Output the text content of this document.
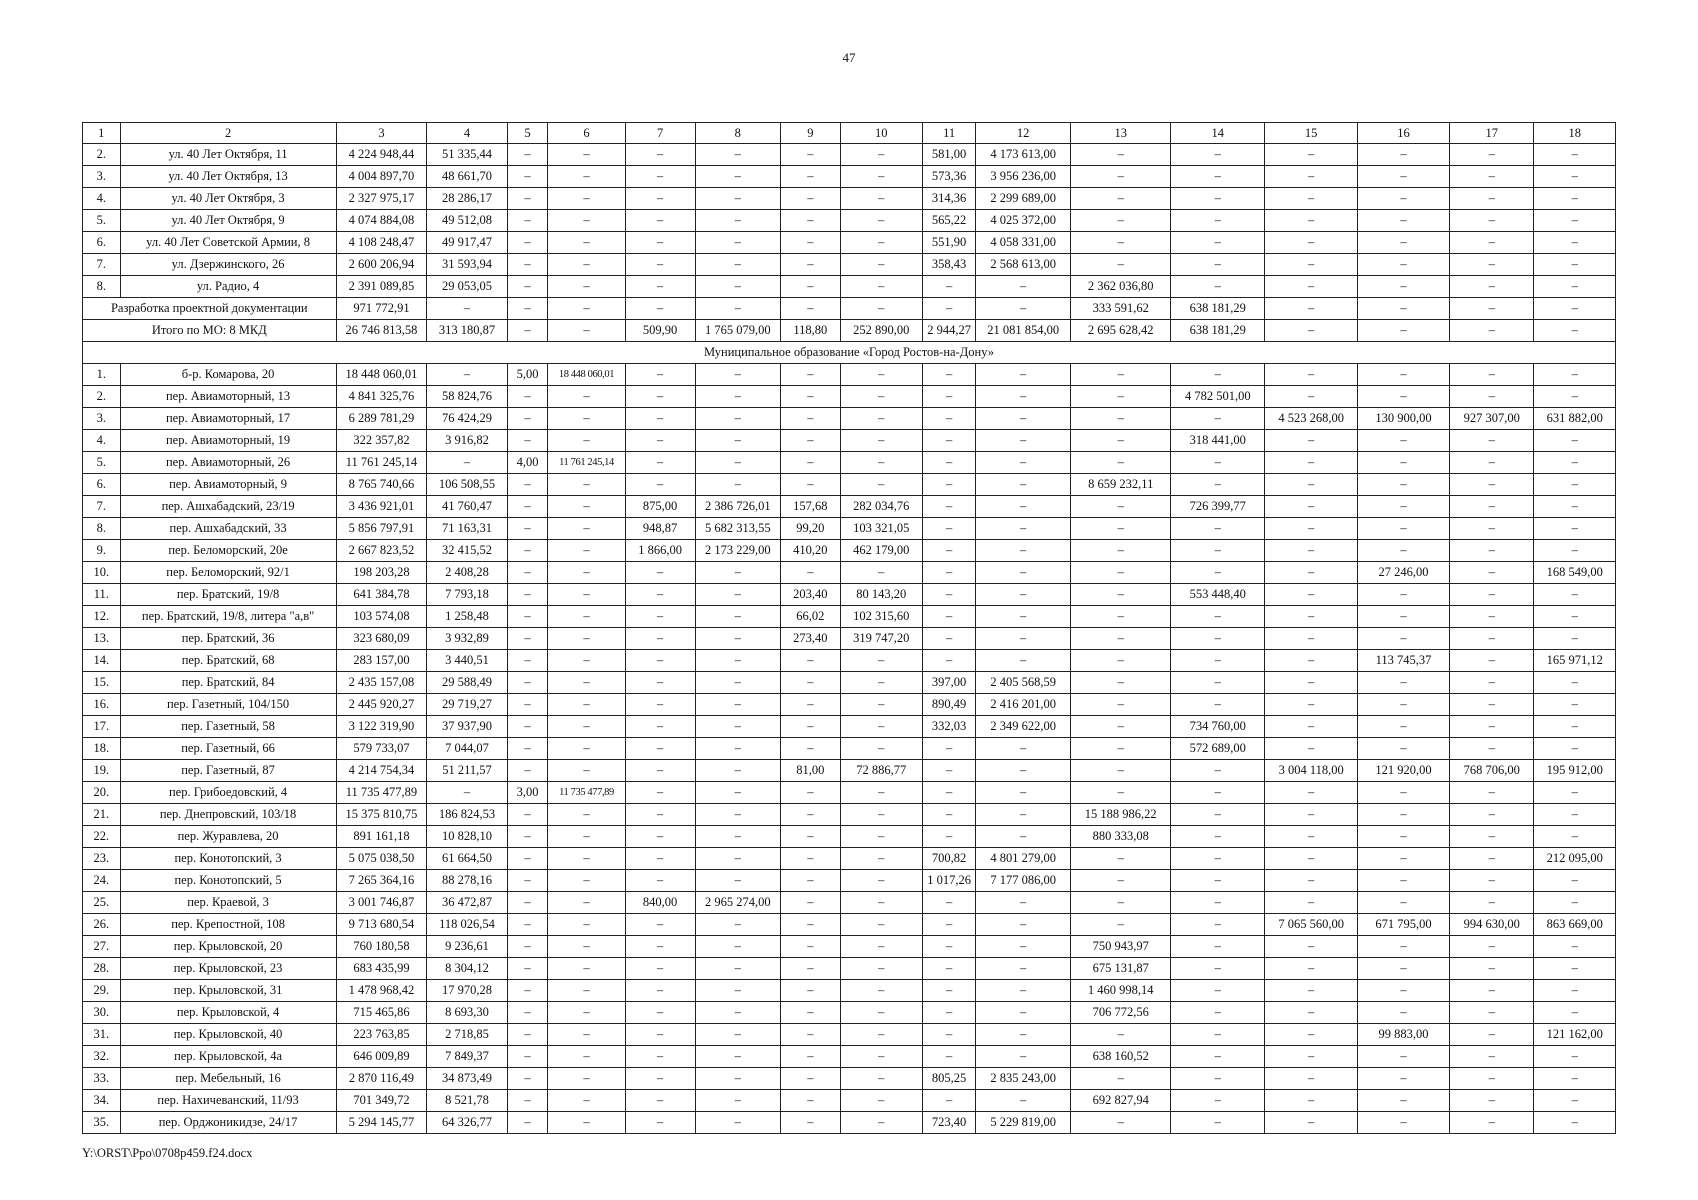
47
1	2	3	4	5	6	7	8	9	10	11	12	13	14	15	16	17	18
2.	ул. 40 Лет Октября, 11	4 224 948,44	51 335,44	–	–	–	–	–	–	581,00	4 173 613,00	–	–	–	–	–	–
3.	ул. 40 Лет Октября, 13	4 004 897,70	48 661,70	–	–	–	–	–	–	573,36	3 956 236,00	–	–	–	–	–	–
4.	ул. 40 Лет Октября, 3	2 327 975,17	28 286,17	–	–	–	–	–	–	314,36	2 299 689,00	–	–	–	–	–	–
5.	ул. 40 Лет Октября, 9	4 074 884,08	49 512,08	–	–	–	–	–	–	565,22	4 025 372,00	–	–	–	–	–	–
6.	ул. 40 Лет Советской Армии, 8	4 108 248,47	49 917,47	–	–	–	–	–	–	551,90	4 058 331,00	–	–	–	–	–	–
7.	ул. Дзержинского, 26	2 600 206,94	31 593,94	–	–	–	–	–	–	358,43	2 568 613,00	–	–	–	–	–	–
8.	ул. Радио, 4	2 391 089,85	29 053,05	–	–	–	–	–	–	–	–	2 362 036,80	–	–	–	–	–
Разработка проектной документации		971 772,91	–	–	–	–	–	–	–	–	–	333 591,62	638 181,29	–	–	–	–
Итого по МО: 8 МКД		26 746 813,58	313 180,87	–	–	509,90	1 765 079,00	118,80	252 890,00	2 944,27	21 081 854,00	2 695 628,42	638 181,29	–	–	–	–
Муниципальное образование «Город Ростов-на-Дону»																	
1.	б-р. Комарова, 20	18 448 060,01	–	5,00	18 448 060,01	–	–	–	–	–	–	–	–	–	–	–	–
2.	пер. Авиамоторный, 13	4 841 325,76	58 824,76	–	–	–	–	–	–	–	–	–	4 782 501,00	–	–	–	–
3.	пер. Авиамоторный, 17	6 289 781,29	76 424,29	–	–	–	–	–	–	–	–	–	–	4 523 268,00	130 900,00	927 307,00	631 882,00
4.	пер. Авиамоторный, 19	322 357,82	3 916,82	–	–	–	–	–	–	–	–	–	318 441,00	–	–	–	–
5.	пер. Авиамоторный, 26	11 761 245,14	–	4,00	11 761 245,14	–	–	–	–	–	–	–	–	–	–	–	–
6.	пер. Авиамоторный, 9	8 765 740,66	106 508,55	–	–	–	–	–	–	–	–	8 659 232,11	–	–	–	–	–
7.	пер. Ашхабадский, 23/19	3 436 921,01	41 760,47	–	–	875,00	2 386 726,01	157,68	282 034,76	–	–	–	726 399,77	–	–	–	–
8.	пер. Ашхабадский, 33	5 856 797,91	71 163,31	–	–	948,87	5 682 313,55	99,20	103 321,05	–	–	–	–	–	–	–	–
9.	пер. Беломорский, 20е	2 667 823,52	32 415,52	–	–	1 866,00	2 173 229,00	410,20	462 179,00	–	–	–	–	–	–	–	–
10.	пер. Беломорский, 92/1	198 203,28	2 408,28	–	–	–	–	–	–	–	–	–	–	–	27 246,00	–	168 549,00
11.	пер. Братский, 19/8	641 384,78	7 793,18	–	–	–	–	203,40	80 143,20	–	–	–	553 448,40	–	–	–	–
12.	пер. Братский, 19/8, литера "а,в"	103 574,08	1 258,48	–	–	–	–	66,02	102 315,60	–	–	–	–	–	–	–	–
13.	пер. Братский, 36	323 680,09	3 932,89	–	–	–	–	273,40	319 747,20	–	–	–	–	–	–	–	–
14.	пер. Братский, 68	283 157,00	3 440,51	–	–	–	–	–	–	–	–	–	–	–	113 745,37	–	165 971,12
15.	пер. Братский, 84	2 435 157,08	29 588,49	–	–	–	–	–	–	397,00	2 405 568,59	–	–	–	–	–	–
16.	пер. Газетный, 104/150	2 445 920,27	29 719,27	–	–	–	–	–	–	890,49	2 416 201,00	–	–	–	–	–	–
17.	пер. Газетный, 58	3 122 319,90	37 937,90	–	–	–	–	–	–	332,03	2 349 622,00	–	734 760,00	–	–	–	–
18.	пер. Газетный, 66	579 733,07	7 044,07	–	–	–	–	–	–	–	–	–	572 689,00	–	–	–	–
19.	пер. Газетный, 87	4 214 754,34	51 211,57	–	–	–	–	81,00	72 886,77	–	–	–	–	3 004 118,00	121 920,00	768 706,00	195 912,00
20.	пер. Грибоедовский, 4	11 735 477,89	–	3,00	11 735 477,89	–	–	–	–	–	–	–	–	–	–	–	–
21.	пер. Днепровский, 103/18	15 375 810,75	186 824,53	–	–	–	–	–	–	–	–	15 188 986,22	–	–	–	–	–
22.	пер. Журавлева, 20	891 161,18	10 828,10	–	–	–	–	–	–	–	–	880 333,08	–	–	–	–	–
23.	пер. Конотопский, 3	5 075 038,50	61 664,50	–	–	–	–	–	–	700,82	4 801 279,00	–	–	–	–	–	212 095,00
24.	пер. Конотопский, 5	7 265 364,16	88 278,16	–	–	–	–	–	–	1 017,26	7 177 086,00	–	–	–	–	–	–
25.	пер. Краевой, 3	3 001 746,87	36 472,87	–	–	840,00	2 965 274,00	–	–	–	–	–	–	–	–	–	–
26.	пер. Крепостной, 108	9 713 680,54	118 026,54	–	–	–	–	–	–	–	–	–	–	7 065 560,00	671 795,00	994 630,00	863 669,00
27.	пер. Крыловской, 20	760 180,58	9 236,61	–	–	–	–	–	–	–	–	750 943,97	–	–	–	–	–
28.	пер. Крыловской, 23	683 435,99	8 304,12	–	–	–	–	–	–	–	–	675 131,87	–	–	–	–	–
29.	пер. Крыловской, 31	1 478 968,42	17 970,28	–	–	–	–	–	–	–	–	1 460 998,14	–	–	–	–	–
30.	пер. Крыловской, 4	715 465,86	8 693,30	–	–	–	–	–	–	–	–	706 772,56	–	–	–	–	–
31.	пер. Крыловской, 40	223 763,85	2 718,85	–	–	–	–	–	–	–	–	–	–	–	99 883,00	–	121 162,00
32.	пер. Крыловской, 4а	646 009,89	7 849,37	–	–	–	–	–	–	–	–	638 160,52	–	–	–	–	–
33.	пер. Мебельный, 16	2 870 116,49	34 873,49	–	–	–	–	–	–	805,25	2 835 243,00	–	–	–	–	–	–
34.	пер. Нахичеванский, 11/93	701 349,72	8 521,78	–	–	–	–	–	–	–	–	692 827,94	–	–	–	–	–
35.	пер. Орджоникидзе, 24/17	5 294 145,77	64 326,77	–	–	–	–	–	–	723,40	5 229 819,00	–	–	–	–	–	–
Y:\ORST\Ppo\0708p459.f24.docx
